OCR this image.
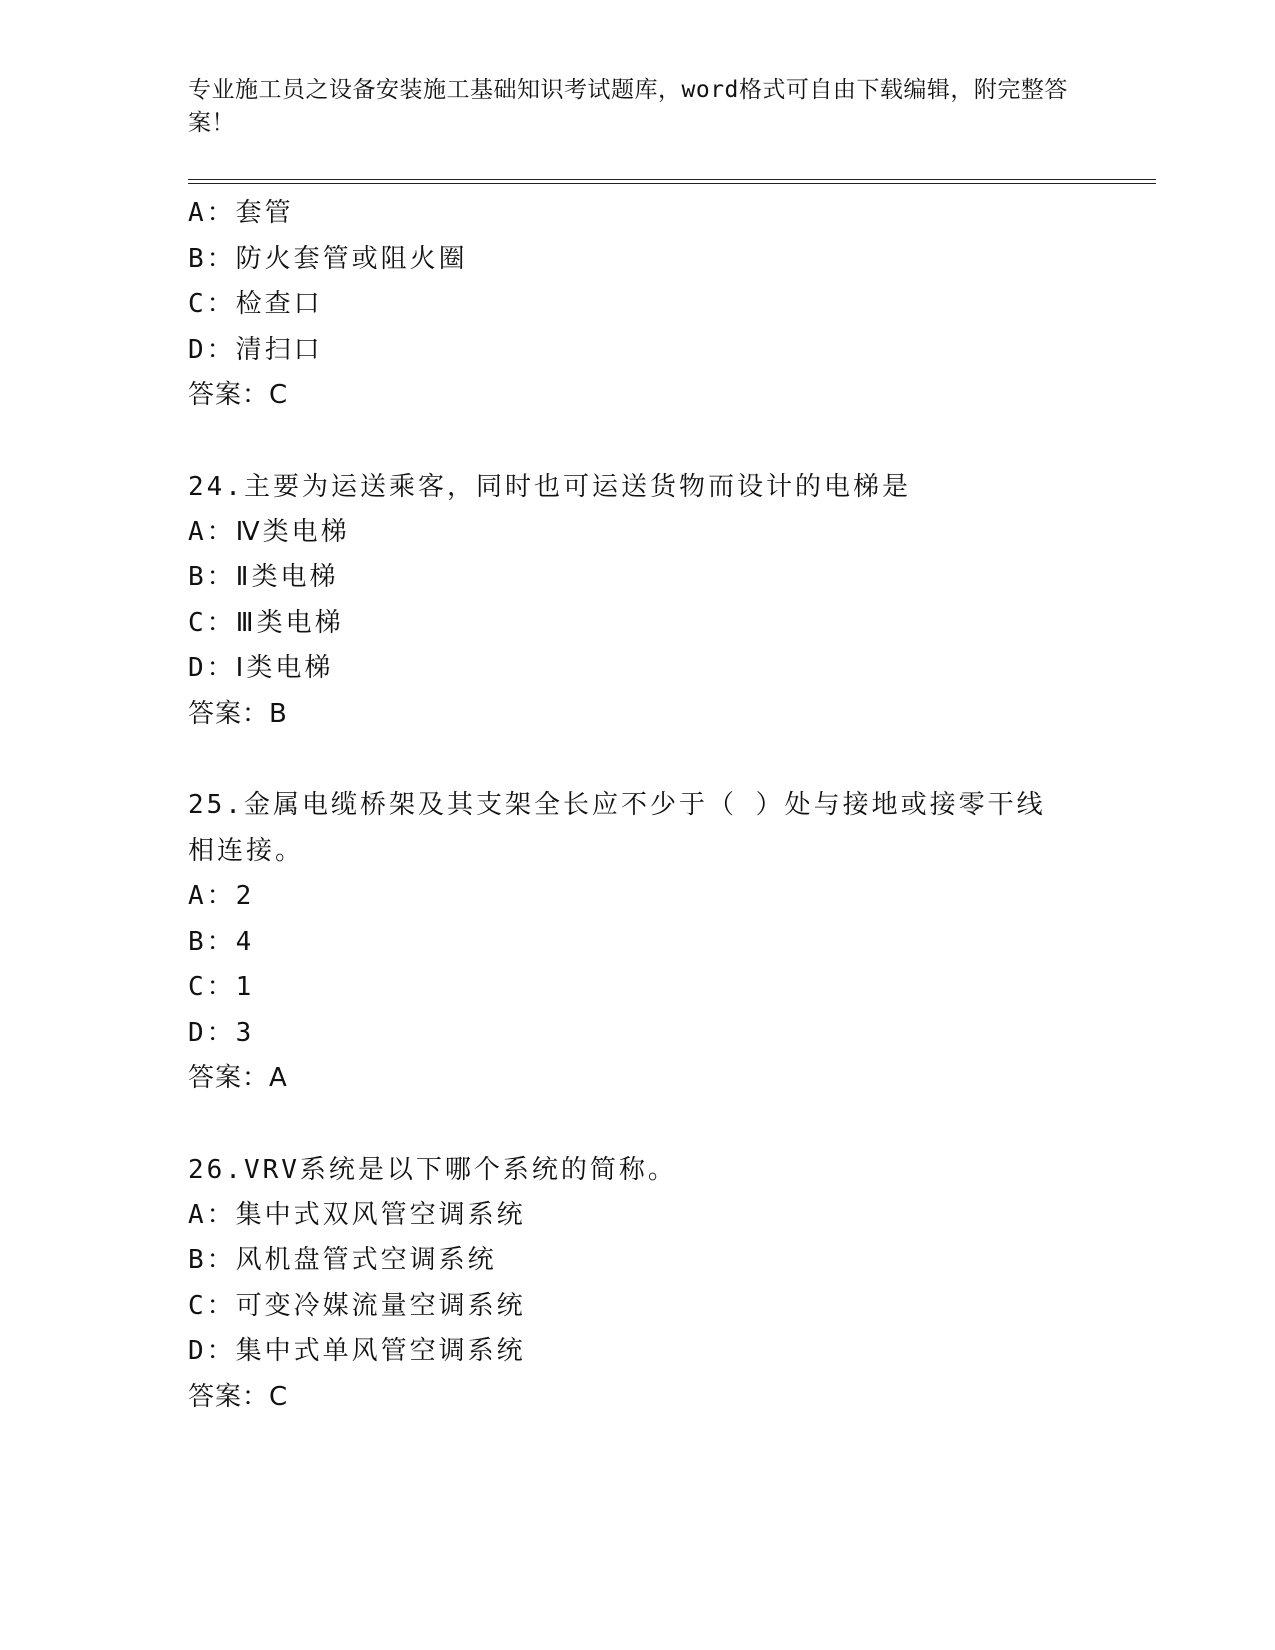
专业施工员之设备安装施工基础知识考试题库，word格式可自由下载编辑，附完整答案！
A：套管
B：防火套管或阻火圈
C：检查口
D：清扫口
答案：C
24.主要为运送乘客，同时也可运送货物而设计的电梯是
A：Ⅳ类电梯
B：Ⅱ类电梯
C：Ⅲ类电梯
D：Ⅰ类电梯
答案：B
25.金属电缆桥架及其支架全长应不少于（ ）处与接地或接零干线相连接。
A：2
B：4
C：1
D：3
答案：A
26.VRV系统是以下哪个系统的简称。
A：集中式双风管空调系统
B：风机盘管式空调系统
C：可变冷媒流量空调系统
D：集中式单风管空调系统
答案：C
